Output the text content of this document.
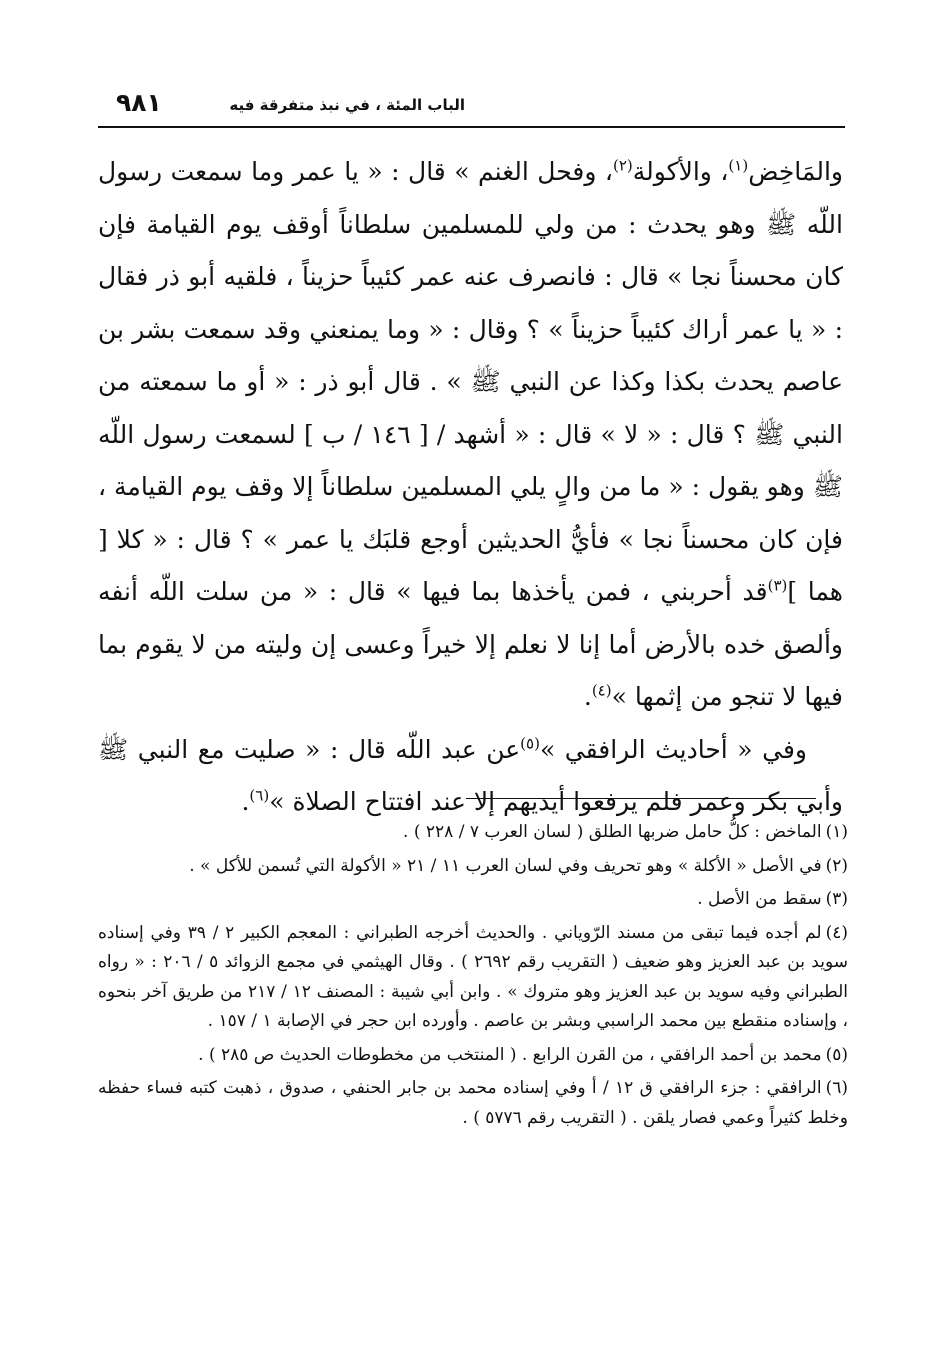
الباب المئة ، في نبذ متفرقة فيه
٩٨١

والمَاخِض$^{(١)}$، والأكولة$^{(٢)}$، وفحل الغنم » قال : « يا عمر وما سمعت رسول اللّه ﷺ وهو يحدث : من ولي للمسلمين سلطاناً أوقف يوم القيامة فإن كان محسناً نجا » قال : فانصرف عنه عمر كئيباً حزيناً ، فلقيه أبو ذر فقال : « يا عمر أراك كئيباً حزيناً » ؟ وقال : « وما يمنعني وقد سمعت بشر بن عاصم يحدث بكذا وكذا عن النبي ﷺ » . قال أبو ذر : « أو ما سمعته من النبي ﷺ ؟ قال : « لا » قال : « أشهد / [ ١٤٦ / ب ] لسمعت رسول اللّه ﷺ وهو يقول : « ما من والٍ يلي المسلمين سلطاناً إلا وقف يوم القيامة ، فإن كان محسناً نجا » فأيُّ الحديثين أوجع قلبَك يا عمر » ؟ قال : « كلا [ هما ]$^{(٣)}$قد أحربني ، فمن يأخذها بما فيها » قال : « من سلت اللّه أنفه وألصق خده بالأرض أما إنا لا نعلم إلا خيراً وعسى إن وليته من لا يقوم بما فيها لا تنجو من إثمها »$^{(٤)}$.

وفي « أحاديث الرافقي »$^{(٥)}$عن عبد اللّه قال : « صليت مع النبي ﷺ وأبي بكر وعمر فلم يرفعوا أيديهم إلا عند افتتاح الصلاة »$^{(٦)}$.

(١)الماخض : كلُّ حامل ضربها الطلق ( لسان العرب ٧ / ٢٢٨ ) .

(٢)في الأصل « الأكلة » وهو تحريف وفي لسان العرب ١١ / ٢١ « الأكولة التي تُسمن للأكل » .

(٣)سقط من الأصل .

(٤)لم أجده فيما تبقى من مسند الرّوياني . والحديث أخرجه الطبراني : المعجم الكبير ٢ / ٣٩ وفي إسناده سويد بن عبد العزيز وهو ضعيف ( التقريب رقم ٢٦٩٢ ) . وقال الهيثمي في مجمع الزوائد ٥ / ٢٠٦ : « رواه الطبراني وفيه سويد بن عبد العزيز وهو متروك » . وابن أبي شيبة : المصنف ١٢ / ٢١٧ من طريق آخر بنحوه ، وإسناده منقطع بين محمد الراسبي وبشر بن عاصم . وأورده ابن حجر في الإصابة ١ / ١٥٧ .

(٥)محمد بن أحمد الرافقي ، من القرن الرابع . ( المنتخب من مخطوطات الحديث ص ٢٨٥ ) .

(٦)الرافقي : جزء الرافقي ق ١٢ / أ وفي إسناده محمد بن جابر الحنفي ، صدوق ، ذهبت كتبه فساء حفظه وخلط كثيراً وعمي فصار يلقن . ( التقريب رقم ٥٧٧٦ ) .
